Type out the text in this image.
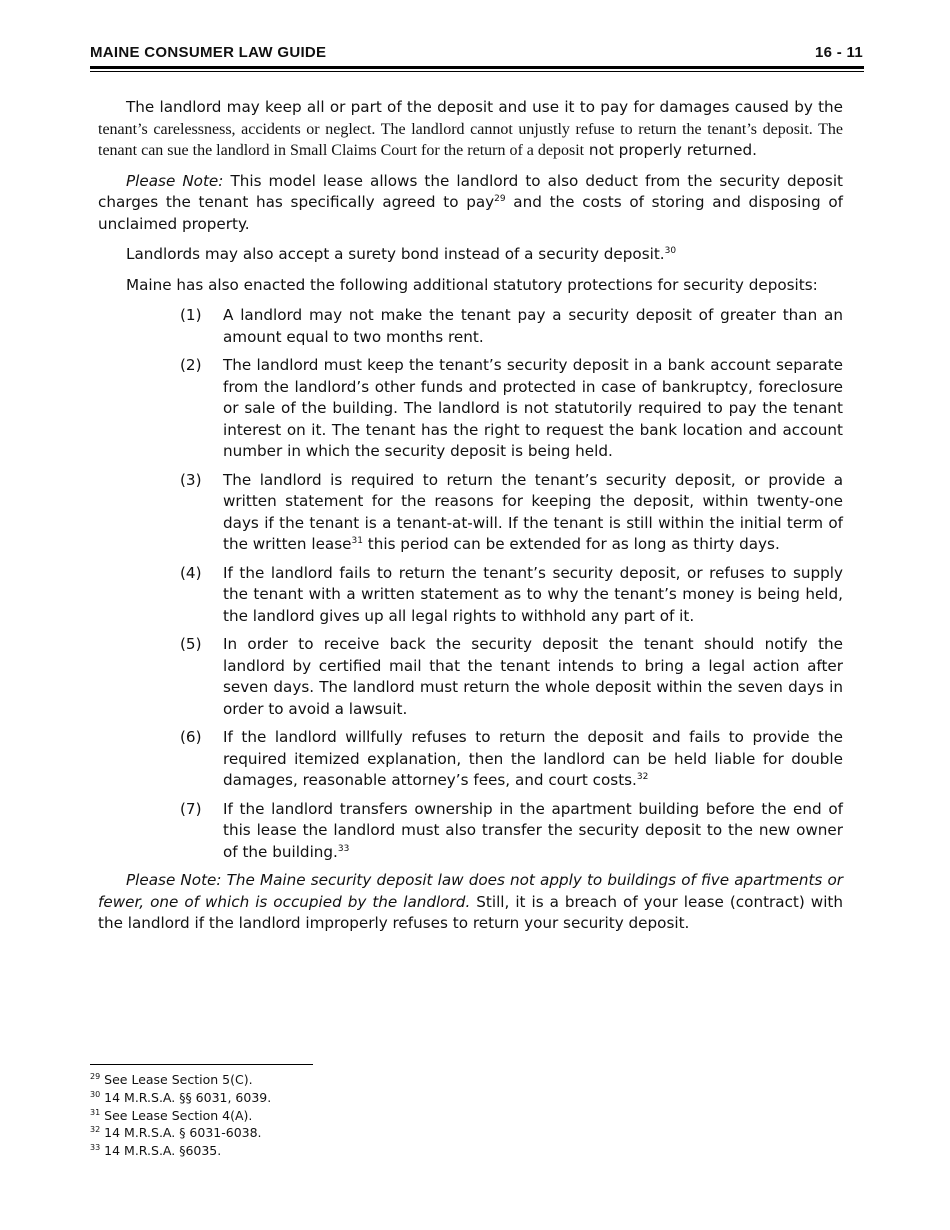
MAINE CONSUMER LAW GUIDE	16 - 11

The landlord may keep all or part of the deposit and use it to pay for damages caused by the tenant’s carelessness, accidents or neglect. The landlord cannot unjustly refuse to return the tenant’s deposit. The tenant can sue the landlord in Small Claims Court for the return of a deposit not properly returned.

Please Note: This model lease allows the landlord to also deduct from the security deposit charges the tenant has specifically agreed to pay$^{29}$ and the costs of storing and disposing of unclaimed property.

Landlords may also accept a surety bond instead of a security deposit.$^{30}$

Maine has also enacted the following additional statutory protections for security deposits:

(1)	A landlord may not make the tenant pay a security deposit of greater than an amount equal to two months rent.
(2)	The landlord must keep the tenant’s security deposit in a bank account separate from the landlord’s other funds and protected in case of bankruptcy, foreclosure or sale of the building. The landlord is not statutorily required to pay the tenant interest on it. The tenant has the right to request the bank location and account number in which the security deposit is being held.
(3)	The landlord is required to return the tenant’s security deposit, or provide a written statement for the reasons for keeping the deposit, within twenty-one days if the tenant is a tenant-at-will. If the tenant is still within the initial term of the written lease$^{31}$ this period can be extended for as long as thirty days.
(4)	If the landlord fails to return the tenant’s security deposit, or refuses to supply the tenant with a written statement as to why the tenant’s money is being held, the landlord gives up all legal rights to withhold any part of it.
(5)	In order to receive back the security deposit the tenant should notify the landlord by certified mail that the tenant intends to bring a legal action after seven days. The landlord must return the whole deposit within the seven days in order to avoid a lawsuit.
(6)	If the landlord willfully refuses to return the deposit and fails to provide the required itemized explanation, then the landlord can be held liable for double damages, reasonable attorney’s fees, and court costs.$^{32}$
(7)	If the landlord transfers ownership in the apartment building before the end of this lease the landlord must also transfer the security deposit to the new owner of the building.$^{33}$

Please Note: The Maine security deposit law does not apply to buildings of five apartments or fewer, one of which is occupied by the landlord. Still, it is a breach of your lease (contract) with the landlord if the landlord improperly refuses to return your security deposit.

$^{29}$ See Lease Section 5(C).
$^{30}$ 14 M.R.S.A. §§ 6031, 6039.
$^{31}$ See Lease Section 4(A).
$^{32}$ 14 M.R.S.A. § 6031-6038.
$^{33}$ 14 M.R.S.A. §6035.
